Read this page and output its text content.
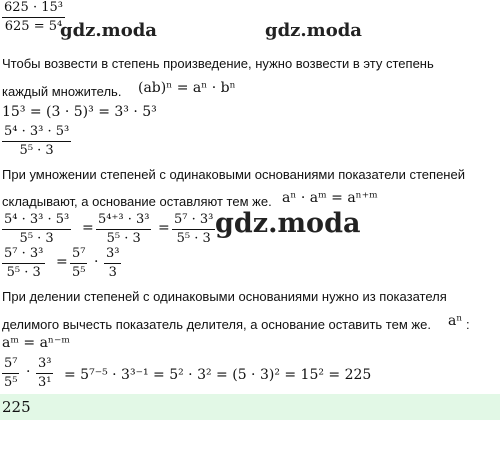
gdz.moda	gdz.moda
gdz.moda
$\frac{\text{625 · 15³}}{\text{625 = 5⁴}}$
Чтобы возвести в степень произведение, нужно возвести в эту степень
каждый множитель. (ab)ⁿ = aⁿ · bⁿ
15³ = (3 · 5)³ = 3³ · 5³
$\frac{\text{5⁴ · 3³ · 5³}}{\text{5⁵ · 3}}$
При умножении степеней с одинаковыми основаниями показатели степеней
складывают, а основание оставляют тем же. aⁿ · aᵐ = aⁿ⁺ᵐ
$\frac{\text{5⁴ · 3³ · 5³}}{\text{5⁵ · 3}} = \frac{\text{5⁴⁺³ · 3³}}{\text{5⁵ · 3}} = \frac{\text{5⁷ · 3³}}{\text{5⁵ · 3}}$
$\frac{\text{5⁷ · 3³}}{\text{5⁵ · 3}} = \frac{\text{5⁷}}{\text{5⁵}} \cdot \frac{\text{3³}}{3}$
При делении степеней с одинаковыми основаниями нужно из показателя
делимого вычесть показатель делителя, а основание оставить тем же. aⁿ :
aᵐ = aⁿ⁻ᵐ
$\frac{\text{5⁷}}{\text{5⁵}} \cdot \frac{\text{3³}}{\text{3¹}} = 5^{7-5} \cdot 3^{3-1} = 5^2 \cdot 3^2 = (5 \cdot 3)^2 = 15^2 = 225$
225
